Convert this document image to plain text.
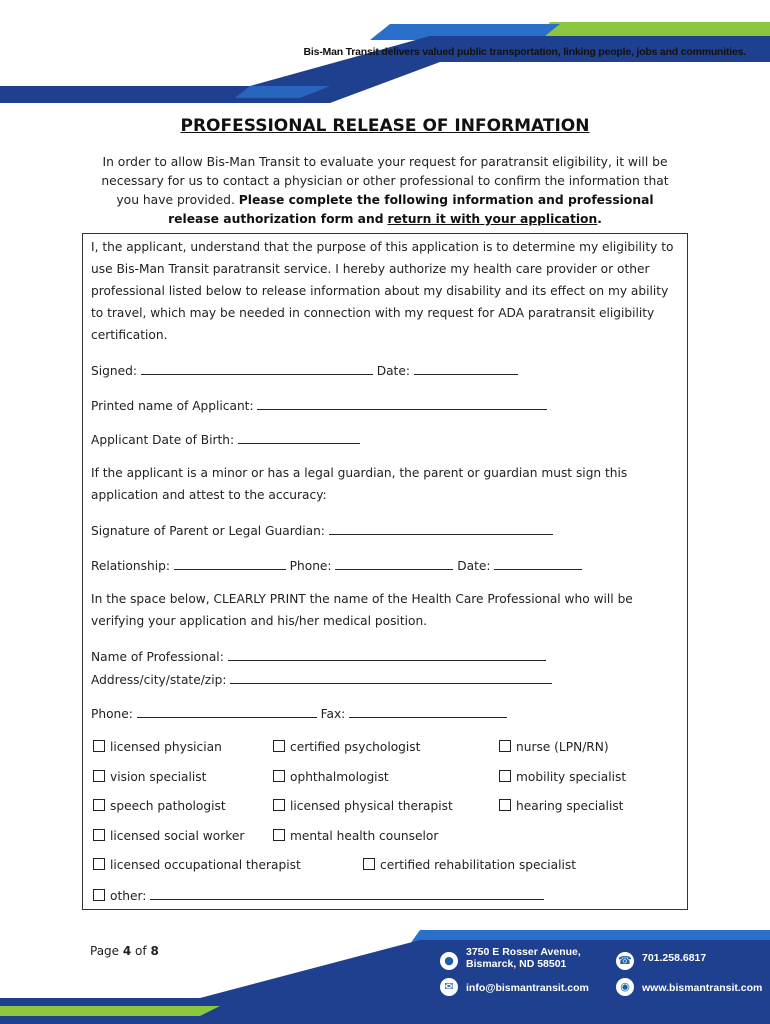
Bis-Man Transit delivers valued public transportation, linking people, jobs and communities.
PROFESSIONAL RELEASE OF INFORMATION
In order to allow Bis-Man Transit to evaluate your request for paratransit eligibility, it will be necessary for us to contact a physician or other professional to confirm the information that you have provided. Please complete the following information and professional release authorization form and return it with your application.
I, the applicant, understand that the purpose of this application is to determine my eligibility to use Bis-Man Transit paratransit service. I hereby authorize my health care provider or other professional listed below to release information about my disability and its effect on my ability to travel, which may be needed in connection with my request for ADA paratransit eligibility certification.
Signed:	Date:
Printed name of Applicant:
Applicant Date of Birth:
If the applicant is a minor or has a legal guardian, the parent or guardian must sign this application and attest to the accuracy:
Signature of Parent or Legal Guardian:
Relationship:	Phone:	Date:
In the space below, CLEARLY PRINT the name of the Health Care Professional who will be verifying your application and his/her medical position.
Name of Professional:
Address/city/state/zip:
Phone:	Fax:
licensed physician	certified psychologist	nurse (LPN/RN)
vision specialist	ophthalmologist	mobility specialist
speech pathologist	licensed physical therapist	hearing specialist
licensed social worker	mental health counselor
licensed occupational therapist	certified rehabilitation specialist
other:
Page 4 of 8
●
3750 E Rosser Avenue,
Bismarck, ND 58501	☎ 701.258.6817
✉	info@bismantransit.com	◉	www.bismantransit.com
